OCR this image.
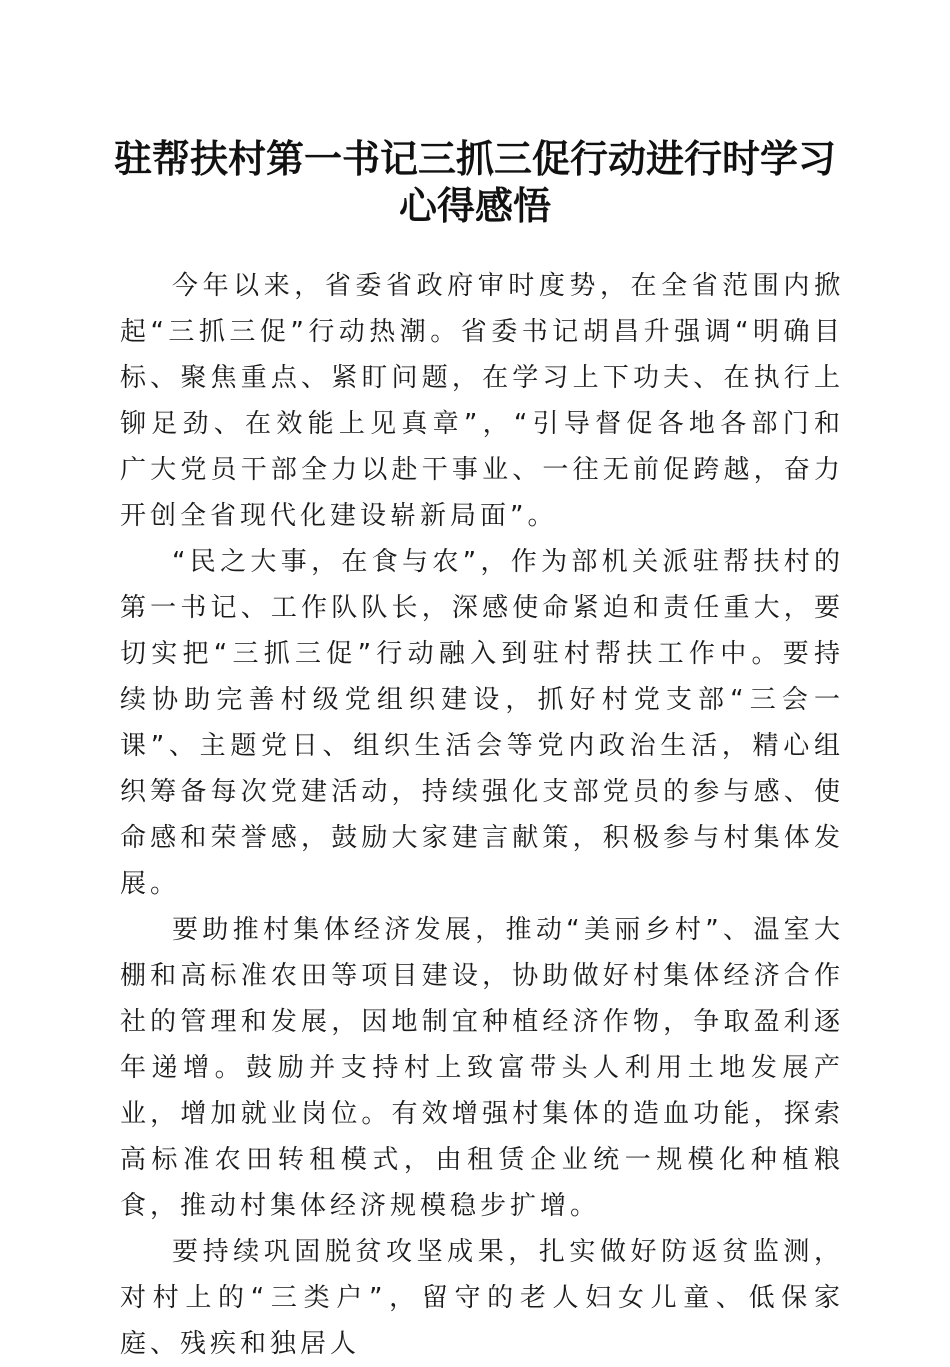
驻帮扶村第一书记三抓三促行动进行时学习心得感悟

今年以来，省委省政府审时度势，在全省范围内掀起“三抓三促”行动热潮。省委书记胡昌升强调“明确目标、聚焦重点、紧盯问题，在学习上下功夫、在执行上铆足劲、在效能上见真章”，“引导督促各地各部门和广大党员干部全力以赴干事业、一往无前促跨越，奋力开创全省现代化建设崭新局面”。

“民之大事，在食与农”，作为部机关派驻帮扶村的第一书记、工作队队长，深感使命紧迫和责任重大，要切实把“三抓三促”行动融入到驻村帮扶工作中。要持续协助完善村级党组织建设，抓好村党支部“三会一课”、主题党日、组织生活会等党内政治生活，精心组织筹备每次党建活动，持续强化支部党员的参与感、使命感和荣誉感，鼓励大家建言献策，积极参与村集体发展。

要助推村集体经济发展，推动“美丽乡村”、温室大棚和高标准农田等项目建设，协助做好村集体经济合作社的管理和发展，因地制宜种植经济作物，争取盈利逐年递增。鼓励并支持村上致富带头人利用土地发展产业，增加就业岗位。有效增强村集体的造血功能，探索高标准农田转租模式，由租赁企业统一规模化种植粮食，推动村集体经济规模稳步扩增。

要持续巩固脱贫攻坚成果，扎实做好防返贫监测，对村上的“三类户”，留守的老人妇女儿童、低保家庭、残疾和独居人
